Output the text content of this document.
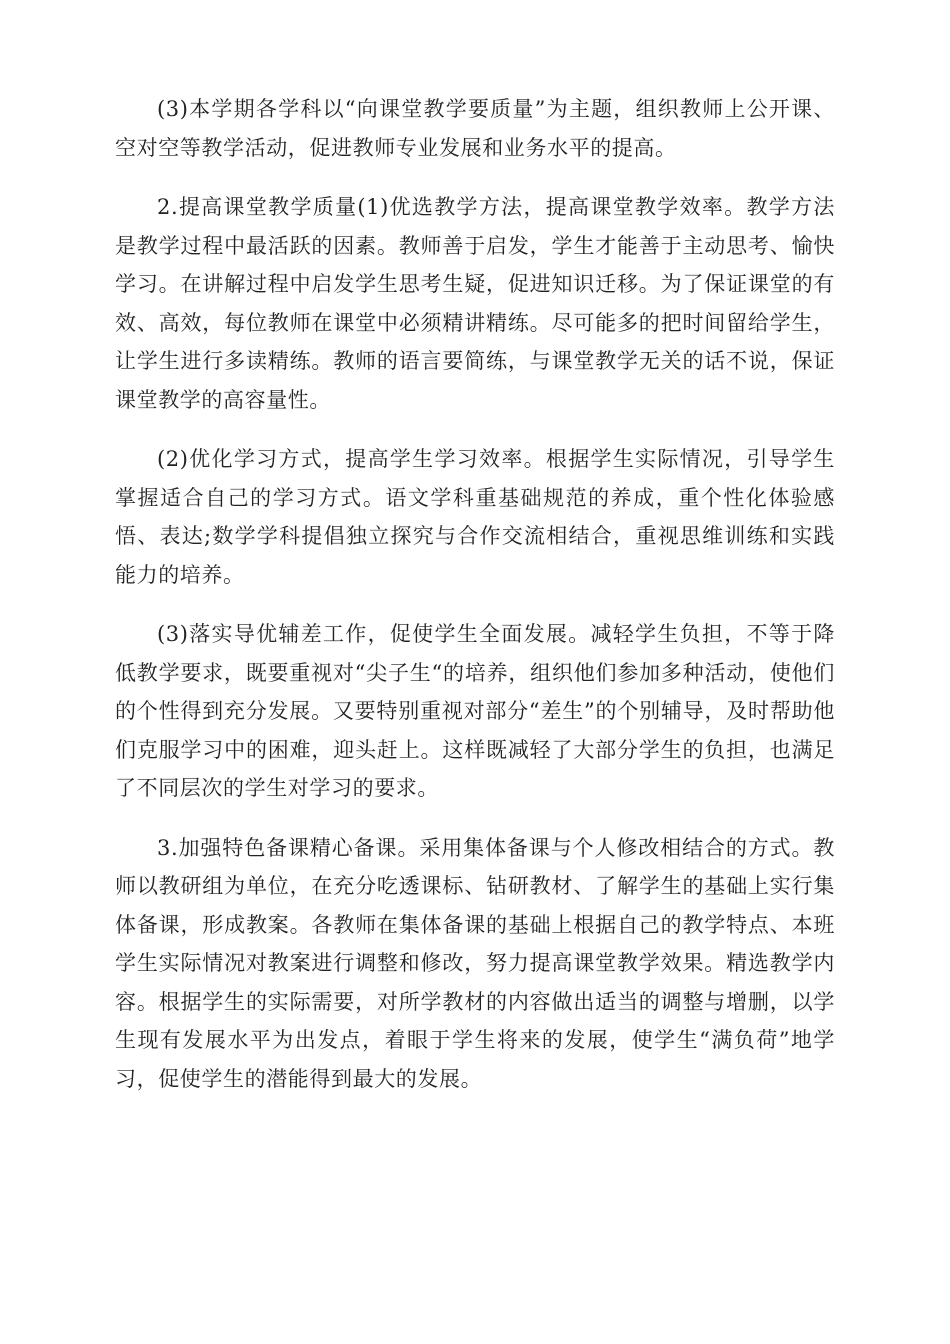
(3)本学期各学科以“向课堂教学要质量”为主题，组织教师上公开课、空对空等教学活动，促进教师专业发展和业务水平的提高。

2.提高课堂教学质量(1)优选教学方法，提高课堂教学效率。教学方法是教学过程中最活跃的因素。教师善于启发，学生才能善于主动思考、愉快学习。在讲解过程中启发学生思考生疑，促进知识迁移。为了保证课堂的有效、高效，每位教师在课堂中必须精讲精练。尽可能多的把时间留给学生，让学生进行多读精练。教师的语言要简练，与课堂教学无关的话不说，保证课堂教学的高容量性。

(2)优化学习方式，提高学生学习效率。根据学生实际情况，引导学生掌握适合自己的学习方式。语文学科重基础规范的养成，重个性化体验感悟、表达;数学学科提倡独立探究与合作交流相结合，重视思维训练和实践能力的培养。

(3)落实导优辅差工作，促使学生全面发展。减轻学生负担，不等于降低教学要求，既要重视对“尖子生“的培养，组织他们参加多种活动，使他们的个性得到充分发展。又要特别重视对部分“差生”的个别辅导，及时帮助他们克服学习中的困难，迎头赶上。这样既减轻了大部分学生的负担，也满足了不同层次的学生对学习的要求。

3.加强特色备课精心备课。采用集体备课与个人修改相结合的方式。教师以教研组为单位，在充分吃透课标、钻研教材、了解学生的基础上实行集体备课，形成教案。各教师在集体备课的基础上根据自己的教学特点、本班学生实际情况对教案进行调整和修改，努力提高课堂教学效果。精选教学内容。根据学生的实际需要，对所学教材的内容做出适当的调整与增删，以学生现有发展水平为出发点，着眼于学生将来的发展，使学生“满负荷”地学习，促使学生的潜能得到最大的发展。
